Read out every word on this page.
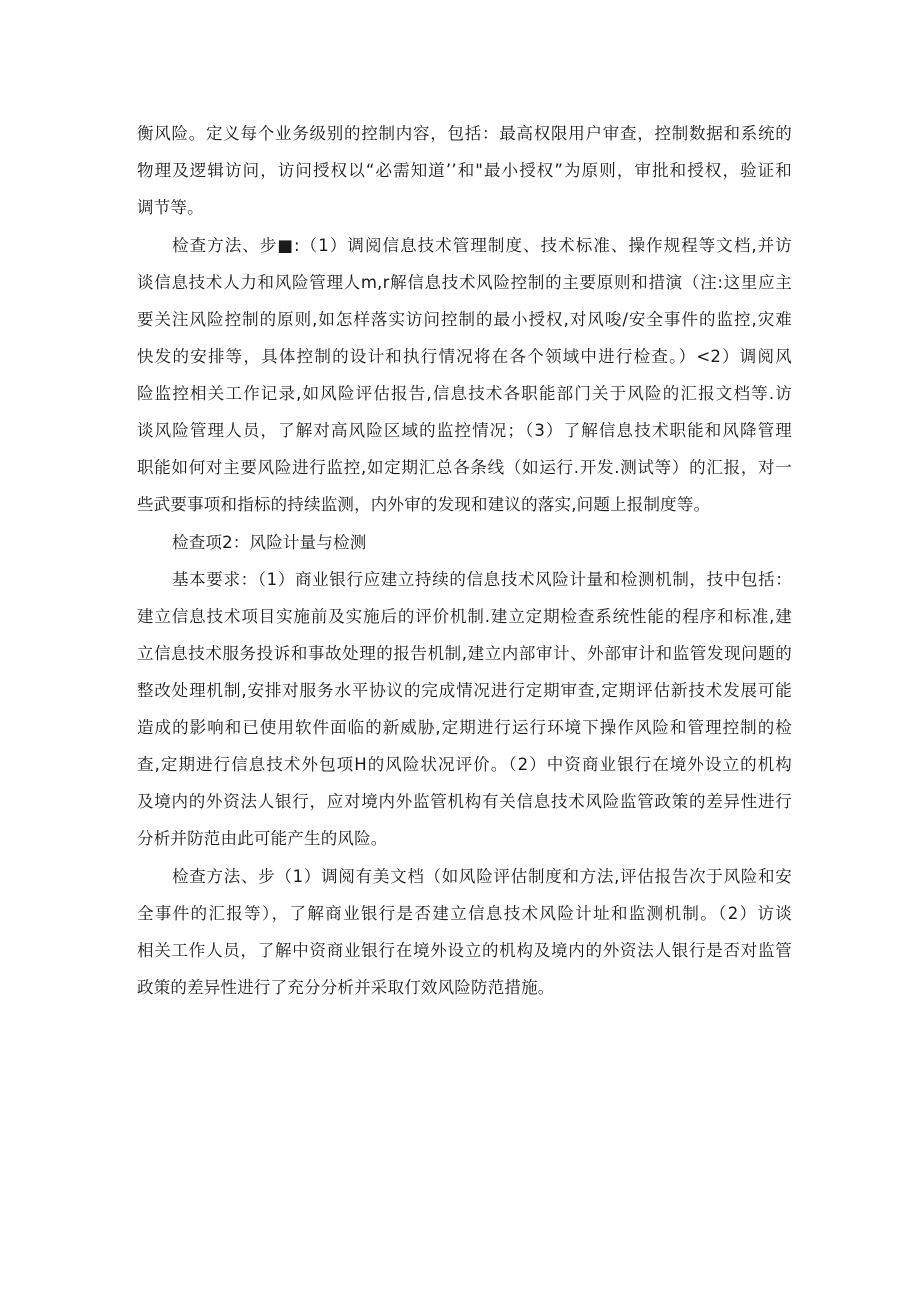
衡风险。定义每个业务级别的控制内容，包括：最高权限用户审查，控制数据和系统的
物理及逻辑访问，访问授权以“必需知道’’和"最小授权”为原则，审批和授权，验证和
调节等。
检查方法、步■:（1）调阅信息技术管理制度、技术标准、操作规程等文档,并访
谈信息技术人力和风险管理人m,r解信息技术风险控制的主要原则和措演（注:这里应主
要关注风险控制的原则,如怎样落实访问控制的最小授权,对风唆/安全事件的监控,灾难
快发的安排等，具体控制的设计和执行情况将在各个领域中进行检查。）<2）调阅风
险监控相关工作记录,如风险评估报告,信息技术各职能部门关于风险的汇报文档等.访
谈风险管理人员，了解对高风险区域的监控情况；（3）了解信息技术职能和风降管理
职能如何对主要风险进行监控,如定期汇总各条线（如运行.开发.测试等）的汇报，对一
些武要事项和指标的持续监测，内外审的发现和建议的落实,问题上报制度等。
检查项2：风险计量与检测
基本要求：（1）商业银行应建立持续的信息技术风险计量和检测机制，技中包括：
建立信息技术项目实施前及实施后的评价机制.建立定期检查系统性能的程序和标准,建
立信息技术服务投诉和事故处理的报告机制,建立内部审计、外部审计和监管发现问题的
整改处理机制,安排对服务水平协议的完成情况进行定期审查,定期评估新技术发展可能
造成的影响和已使用软件面临的新威胁,定期进行运行环境下操作风险和管理控制的检
查,定期进行信息技术外包项H的风险状况评价。（2）中资商业银行在境外设立的机构
及境内的外资法人银行，应对境内外监管机构有关信息技术风险监管政策的差异性进行
分析并防范由此可能产生的风险。
检查方法、步（1）调阅有美文档（如风险评估制度和方法,评估报告次于风险和安
全事件的汇报等），了解商业银行是否建立信息技术风险计址和监测机制。（2）访谈
相关工作人员，了解中资商业银行在境外设立的机构及境内的外资法人银行是否对监管
政策的差异性进行了充分分析并采取仃效风险防范措施。
